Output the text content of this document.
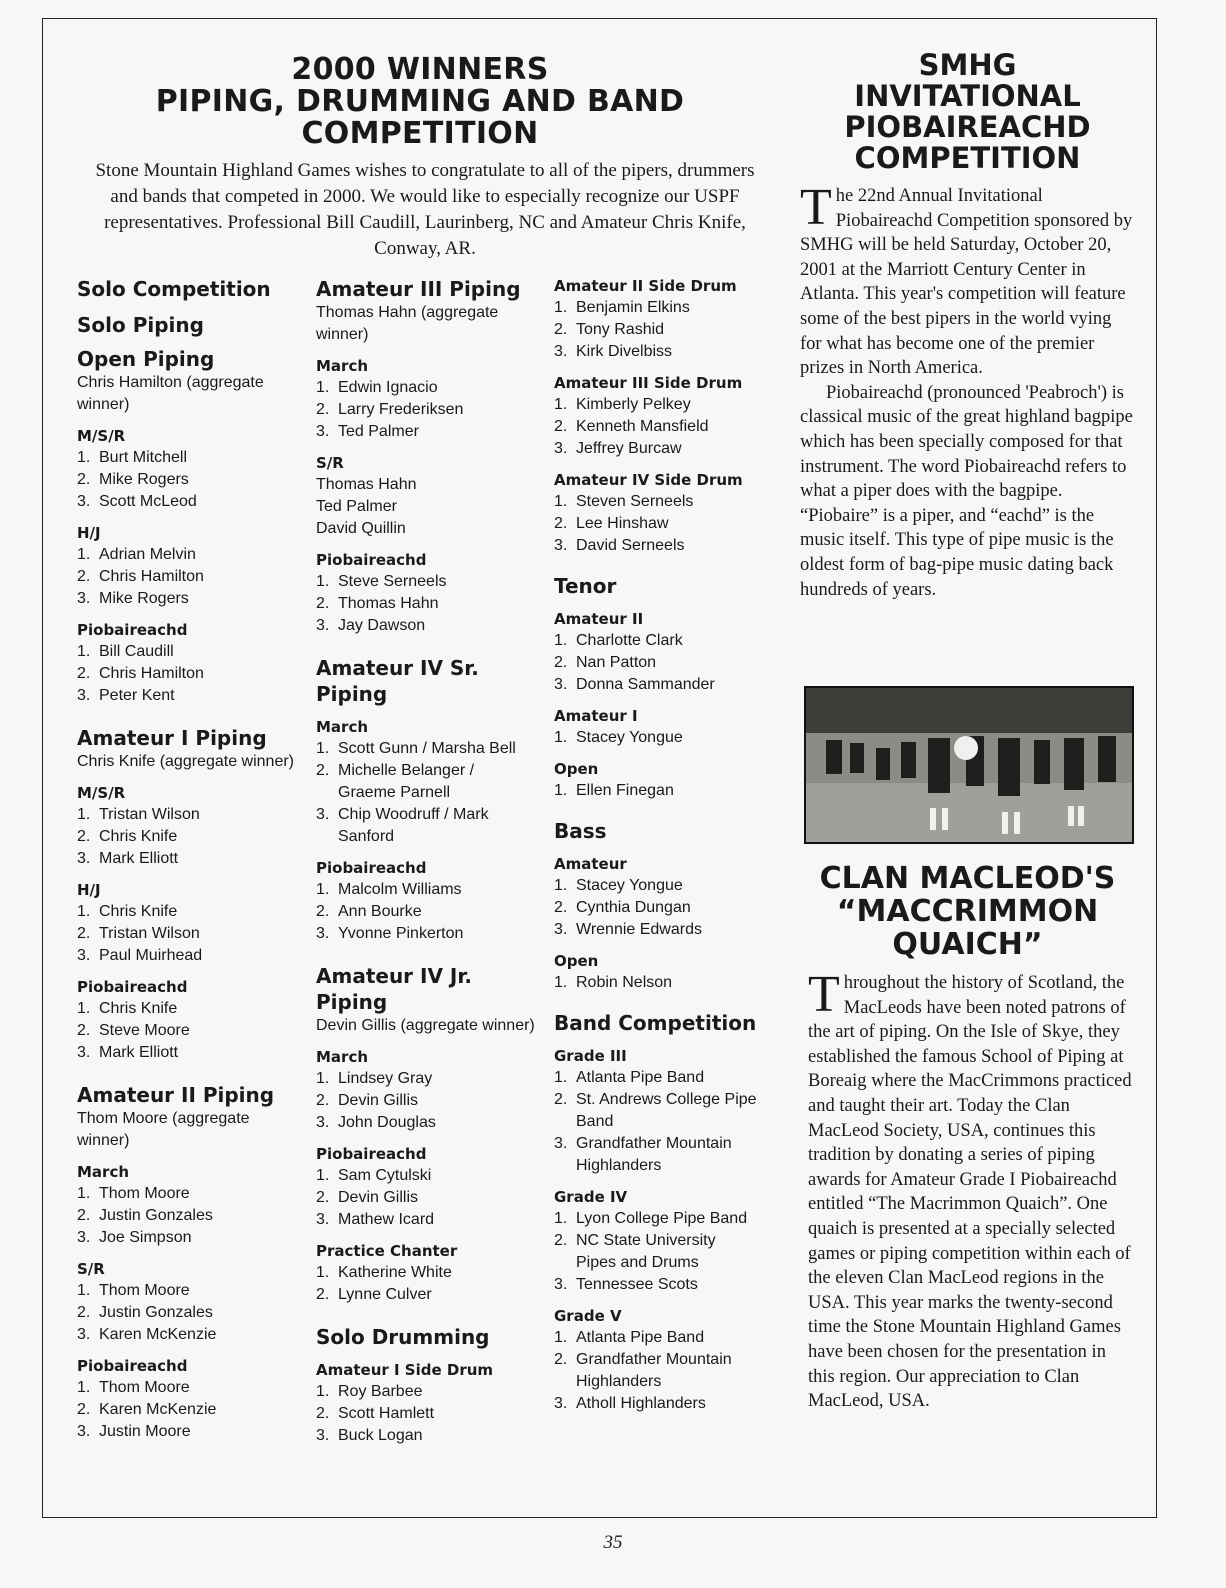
2000 WINNERS
PIPING, DRUMMING AND BAND
COMPETITION

Stone Mountain Highland Games wishes to congratulate to all of the pipers, drummers and bands that competed in 2000. We would like to especially recognize our USPF representatives. Professional Bill Caudill, Laurinberg, NC and Amateur Chris Knife, Conway, AR.

Solo Competition
Solo Piping
Open Piping
Chris Hamilton (aggregate winner)
M/S/R
1. Burt Mitchell
2. Mike Rogers
3. Scott McLeod
H/J
1. Adrian Melvin
2. Chris Hamilton
3. Mike Rogers
Piobaireachd
1. Bill Caudill
2. Chris Hamilton
3. Peter Kent
Amateur I Piping
Chris Knife (aggregate winner)
M/S/R
1. Tristan Wilson
2. Chris Knife
3. Mark Elliott
H/J
1. Chris Knife
2. Tristan Wilson
3. Paul Muirhead
Piobaireachd
1. Chris Knife
2. Steve Moore
3. Mark Elliott
Amateur II Piping
Thom Moore (aggregate winner)
March
1. Thom Moore
2. Justin Gonzales
3. Joe Simpson
S/R
1. Thom Moore
2. Justin Gonzales
3. Karen McKenzie
Piobaireachd
1. Thom Moore
2. Karen McKenzie
3. Justin Moore
Amateur III Piping
Thomas Hahn (aggregate winner)
March
1. Edwin Ignacio
2. Larry Frederiksen
3. Ted Palmer
S/R
Thomas Hahn
Ted Palmer
David Quillin
Piobaireachd
1. Steve Serneels
2. Thomas Hahn
3. Jay Dawson
Amateur IV Sr. Piping
March
1. Scott Gunn / Marsha Bell
2. Michelle Belanger / Graeme Parnell
3. Chip Woodruff / Mark Sanford
Piobaireachd
1. Malcolm Williams
2. Ann Bourke
3. Yvonne Pinkerton
Amateur IV Jr. Piping
Devin Gillis (aggregate winner)
March
1. Lindsey Gray
2. Devin Gillis
3. John Douglas
Piobaireachd
1. Sam Cytulski
2. Devin Gillis
3. Mathew Icard
Practice Chanter
1. Katherine White
2. Lynne Culver
Solo Drumming
Amateur I Side Drum
1. Roy Barbee
2. Scott Hamlett
3. Buck Logan
Amateur II Side Drum
1. Benjamin Elkins
2. Tony Rashid
3. Kirk Divelbiss
Amateur III Side Drum
1. Kimberly Pelkey
2. Kenneth Mansfield
3. Jeffrey Burcaw
Amateur IV Side Drum
1. Steven Serneels
2. Lee Hinshaw
3. David Serneels
Tenor
Amateur II
1. Charlotte Clark
2. Nan Patton
3. Donna Sammander
Amateur I
1. Stacey Yongue
Open
1. Ellen Finegan
Bass
Amateur
1. Stacey Yongue
2. Cynthia Dungan
3. Wrennie Edwards
Open
1. Robin Nelson
Band Competition
Grade III
1. Atlanta Pipe Band
2. St. Andrews College Pipe Band
3. Grandfather Mountain Highlanders
Grade IV
1. Lyon College Pipe Band
2. NC State University Pipes and Drums
3. Tennessee Scots
Grade V
1. Atlanta Pipe Band
2. Grandfather Mountain Highlanders
3. Atholl Highlanders
SMHG
INVITATIONAL
PIOBAIREACHD
COMPETITION

The 22nd Annual Invitational Piobaireachd Competition sponsored by SMHG will be held Saturday, October 20, 2001 at the Marriott Century Center in Atlanta. This year's competition will feature some of the best pipers in the world vying for what has become one of the premier prizes in North America.

Piobaireachd (pronounced 'Peabroch') is classical music of the great highland bagpipe which has been specially composed for that instrument. The word Piobaireachd refers to what a piper does with the bagpipe. “Piobaire” is a piper, and “eachd” is the music itself. This type of pipe music is the oldest form of bag-pipe music dating back hundreds of years.

CLAN MACLEOD'S
“MACCRIMMON
QUAICH”

Throughout the history of Scotland, the MacLeods have been noted patrons of the art of piping. On the Isle of Skye, they established the famous School of Piping at Boreaig where the MacCrimmons practiced and taught their art. Today the Clan MacLeod Society, USA, continues this tradition by donating a series of piping awards for Amateur Grade I Piobaireachd entitled “The Macrimmon Quaich”. One quaich is presented at a specially selected games or piping competition within each of the eleven Clan MacLeod regions in the USA. This year marks the twenty-second time the Stone Mountain Highland Games have been chosen for the presentation in this region. Our appreciation to Clan MacLeod, USA.

35
